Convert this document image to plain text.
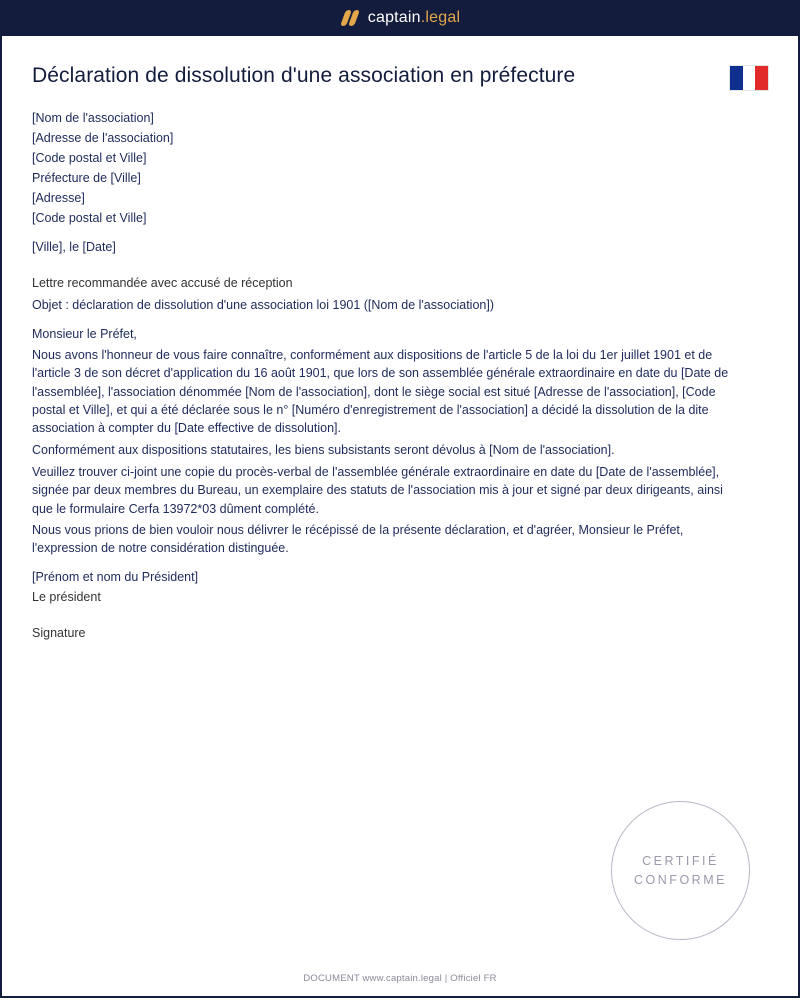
captain.legal
Déclaration de dissolution d'une association en préfecture
[Nom de l'association]
[Adresse de l'association]
[Code postal et Ville]
Préfecture de [Ville]
[Adresse]
[Code postal et Ville]
[Ville], le [Date]
Lettre recommandée avec accusé de réception
Objet : déclaration de dissolution d'une association loi 1901 ([Nom de l'association])
Monsieur le Préfet,

Nous avons l'honneur de vous faire connaître, conformément aux dispositions de l'article 5 de la loi du 1er juillet 1901 et de l'article 3 de son décret d'application du 16 août 1901, que lors de son assemblée générale extraordinaire en date du [Date de l'assemblée], l'association dénommée [Nom de l'association], dont le siège social est situé [Adresse de l'association], [Code postal et Ville], et qui a été déclarée sous le n° [Numéro d'enregistrement de l'association] a décidé la dissolution de la dite association à compter du [Date effective de dissolution].

Conformément aux dispositions statutaires, les biens subsistants seront dévolus à [Nom de l'association].

Veuillez trouver ci-joint une copie du procès-verbal de l'assemblée générale extraordinaire en date du [Date de l'assemblée], signée par deux membres du Bureau, un exemplaire des statuts de l'association mis à jour et signé par deux dirigeants, ainsi que le formulaire Cerfa 13972*03 dûment complété.

Nous vous prions de bien vouloir nous délivrer le récépissé de la présente déclaration, et d'agréer, Monsieur le Préfet, l'expression de notre considération distinguée.

[Prénom et nom du Président]
Le président
Signature
CERTIFIÉ
CONFORME
DOCUMENT www.captain.legal | Officiel FR
